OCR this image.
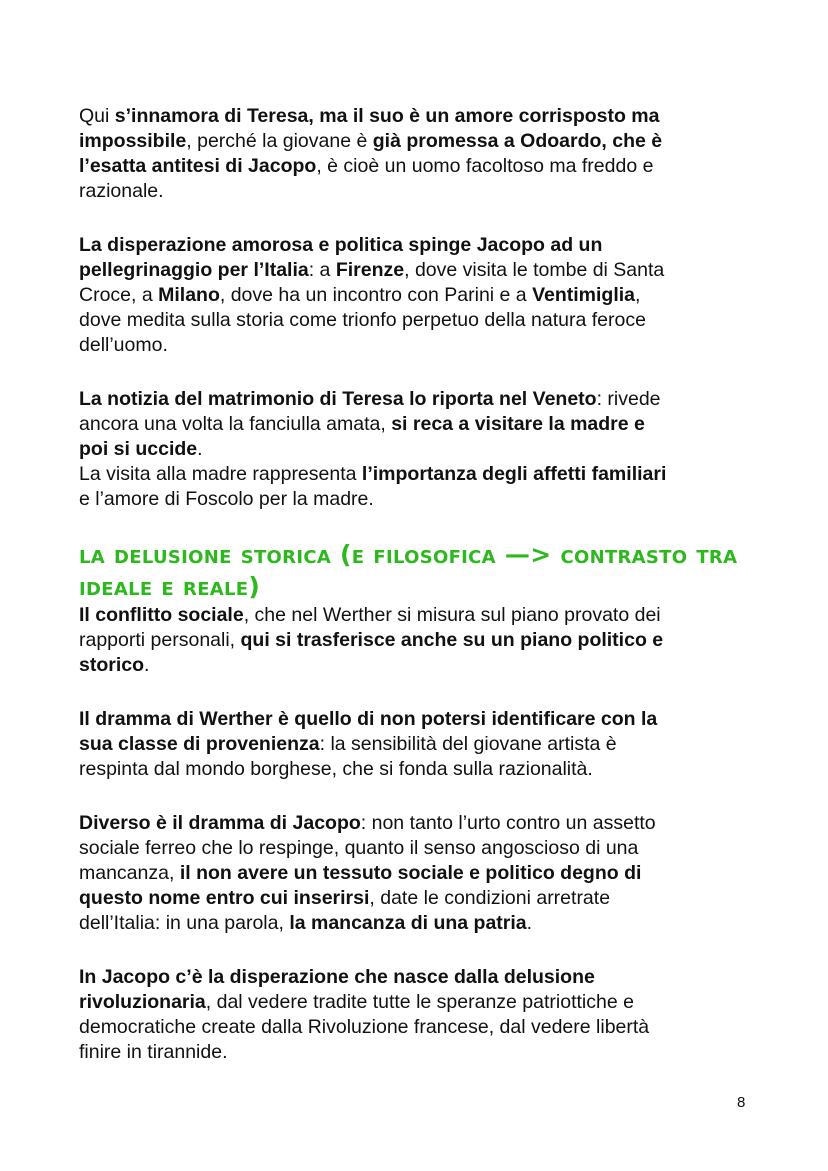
Qui s’innamora di Teresa, ma il suo è un amore corrisposto ma
impossibile, perché la giovane è già promessa a Odoardo, che è
l’esatta antitesi di Jacopo, è cioè un uomo facoltoso ma freddo e
razionale.
La disperazione amorosa e politica spinge Jacopo ad un
pellegrinaggio per l’Italia: a Firenze, dove visita le tombe di Santa
Croce, a Milano, dove ha un incontro con Parini e a Ventimiglia,
dove medita sulla storia come trionfo perpetuo della natura feroce
dell’uomo.
La notizia del matrimonio di Teresa lo riporta nel Veneto: rivede
ancora una volta la fanciulla amata, si reca a visitare la madre e
poi si uccide.
La visita alla madre rappresenta l’importanza degli affetti familiari
e l’amore di Foscolo per la madre.
la delusione storica (e filosofica —> contrasto tra
ideale e reale)
Il conflitto sociale, che nel Werther si misura sul piano provato dei
rapporti personali, qui si trasferisce anche su un piano politico e
storico.
Il dramma di Werther è quello di non potersi identificare con la
sua classe di provenienza: la sensibilità del giovane artista è
respinta dal mondo borghese, che si fonda sulla razionalità.
Diverso è il dramma di Jacopo: non tanto l’urto contro un assetto
sociale ferreo che lo respinge, quanto il senso angoscioso di una
mancanza, il non avere un tessuto sociale e politico degno di
questo nome entro cui inserirsi, date le condizioni arretrate
dell’Italia: in una parola, la mancanza di una patria.
In Jacopo c’è la disperazione che nasce dalla delusione
rivoluzionaria, dal vedere tradite tutte le speranze patriottiche e
democratiche create dalla Rivoluzione francese, dal vedere libertà
finire in tirannide.
8
